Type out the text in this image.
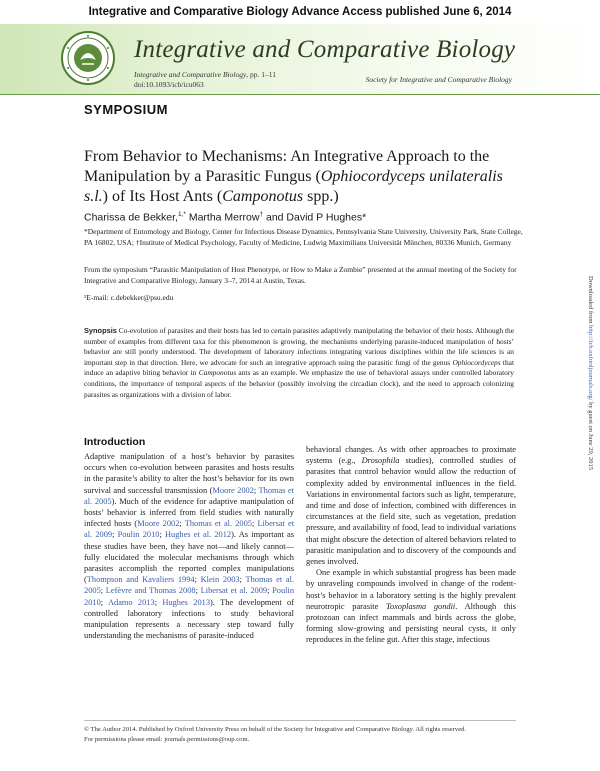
Integrative and Comparative Biology Advance Access published June 6, 2014
Integrative and Comparative Biology
Integrative and Comparative Biology, pp. 1–11
doi:10.1093/icb/icu063
Society for Integrative and Comparative Biology
SYMPOSIUM
From Behavior to Mechanisms: An Integrative Approach to the Manipulation by a Parasitic Fungus (Ophiocordyceps unilateralis s.l.) of Its Host Ants (Camponotus spp.)
Charissa de Bekker,$^{1,*}$ Martha Merrow† and David P Hughes*
*Department of Entomology and Biology, Center for Infectious Disease Dynamics, Pennsylvania State University, University Park, State College, PA 16802, USA; †Institute of Medical Psychology, Faculty of Medicine, Ludwig Maximilians Universität München, 80336 Munich, Germany
From the symposium “Parasitic Manipulation of Host Phenotype, or How to Make a Zombie” presented at the annual meeting of the Society for Integrative and Comparative Biology, January 3–7, 2014 at Austin, Texas.
¹E-mail: c.debekker@psu.edu	Downloaded from http://icb.oxfordjournals.org/ by guest on June 29, 2015
Synopsis Co-evolution of parasites and their hosts has led to certain parasites adaptively manipulating the behavior of their hosts. Although the number of examples from different taxa for this phenomenon is growing, the mechanisms underlying parasite-induced manipulation of hosts’ behavior are still poorly understood. The development of laboratory infections integrating various disciplines within the life sciences is an important step in that direction. Here, we advocate for such an integrative approach using the parasitic fungi of the genus Ophiocordyceps that induce an adaptive biting behavior in Camponotus ants as an example. We emphasize the use of behavioral assays under controlled laboratory conditions, the importance of temporal aspects of the behavior (possibly involving the circadian clock), and the need to approach colonizing parasites as organizations with a division of labor.
Introduction

Adaptive manipulation of a host’s behavior by parasites occurs when co-evolution between parasites and hosts results in the parasite’s ability to alter the host’s behavior for its own survival and successful transmission (Moore 2002; Thomas et al. 2005). Much of the evidence for adaptive manipulation of hosts’ behavior is inferred from field studies with naturally infected hosts (Moore 2002; Thomas et al. 2005; Libersat et al. 2009; Poulin 2010; Hughes et al. 2012). As important as these studies have been, they have not—and likely cannot—fully elucidated the molecular mechanisms through which parasites accomplish the reported complex manipulations (Thompson and Kavaliers 1994; Klein 2003; Thomas et al. 2005; Lefèvre and Thomas 2008; Libersat et al. 2009; Poulin 2010; Adamo 2013; Hughes 2013). The development of controlled laboratory infections to study behavioral manipulation represents a necessary step toward fully understanding the mechanisms of parasite-induced

behavioral changes. As with other approaches to proximate systems (e.g., Drosophila studies), controlled studies of parasites that control behavior would allow the reduction of complexity added by environmental influences in the field. Variations in environmental factors such as light, temperature, and time and dose of infection, combined with differences in circumstances at the field site, such as vegetation, predation pressure, and availability of food, lead to individual variations that might obscure the detection of altered behaviors related to parasitic manipulation and to discovery of the compounds and genes involved.

One example in which substantial progress has been made by unraveling compounds involved in change of the rodent-host’s behavior in a laboratory setting is the highly prevalent neurotropic parasite Toxoplasma gondii. Although this protozoan can infect mammals and birds across the globe, forming slow-growing and persisting neural cysts, it only reproduces in the feline gut. After this stage, infectious

© The Author 2014. Published by Oxford University Press on behalf of the Society for Integrative and Comparative Biology. All rights reserved.
For permissions please email: journals.permissions@oup.com.
